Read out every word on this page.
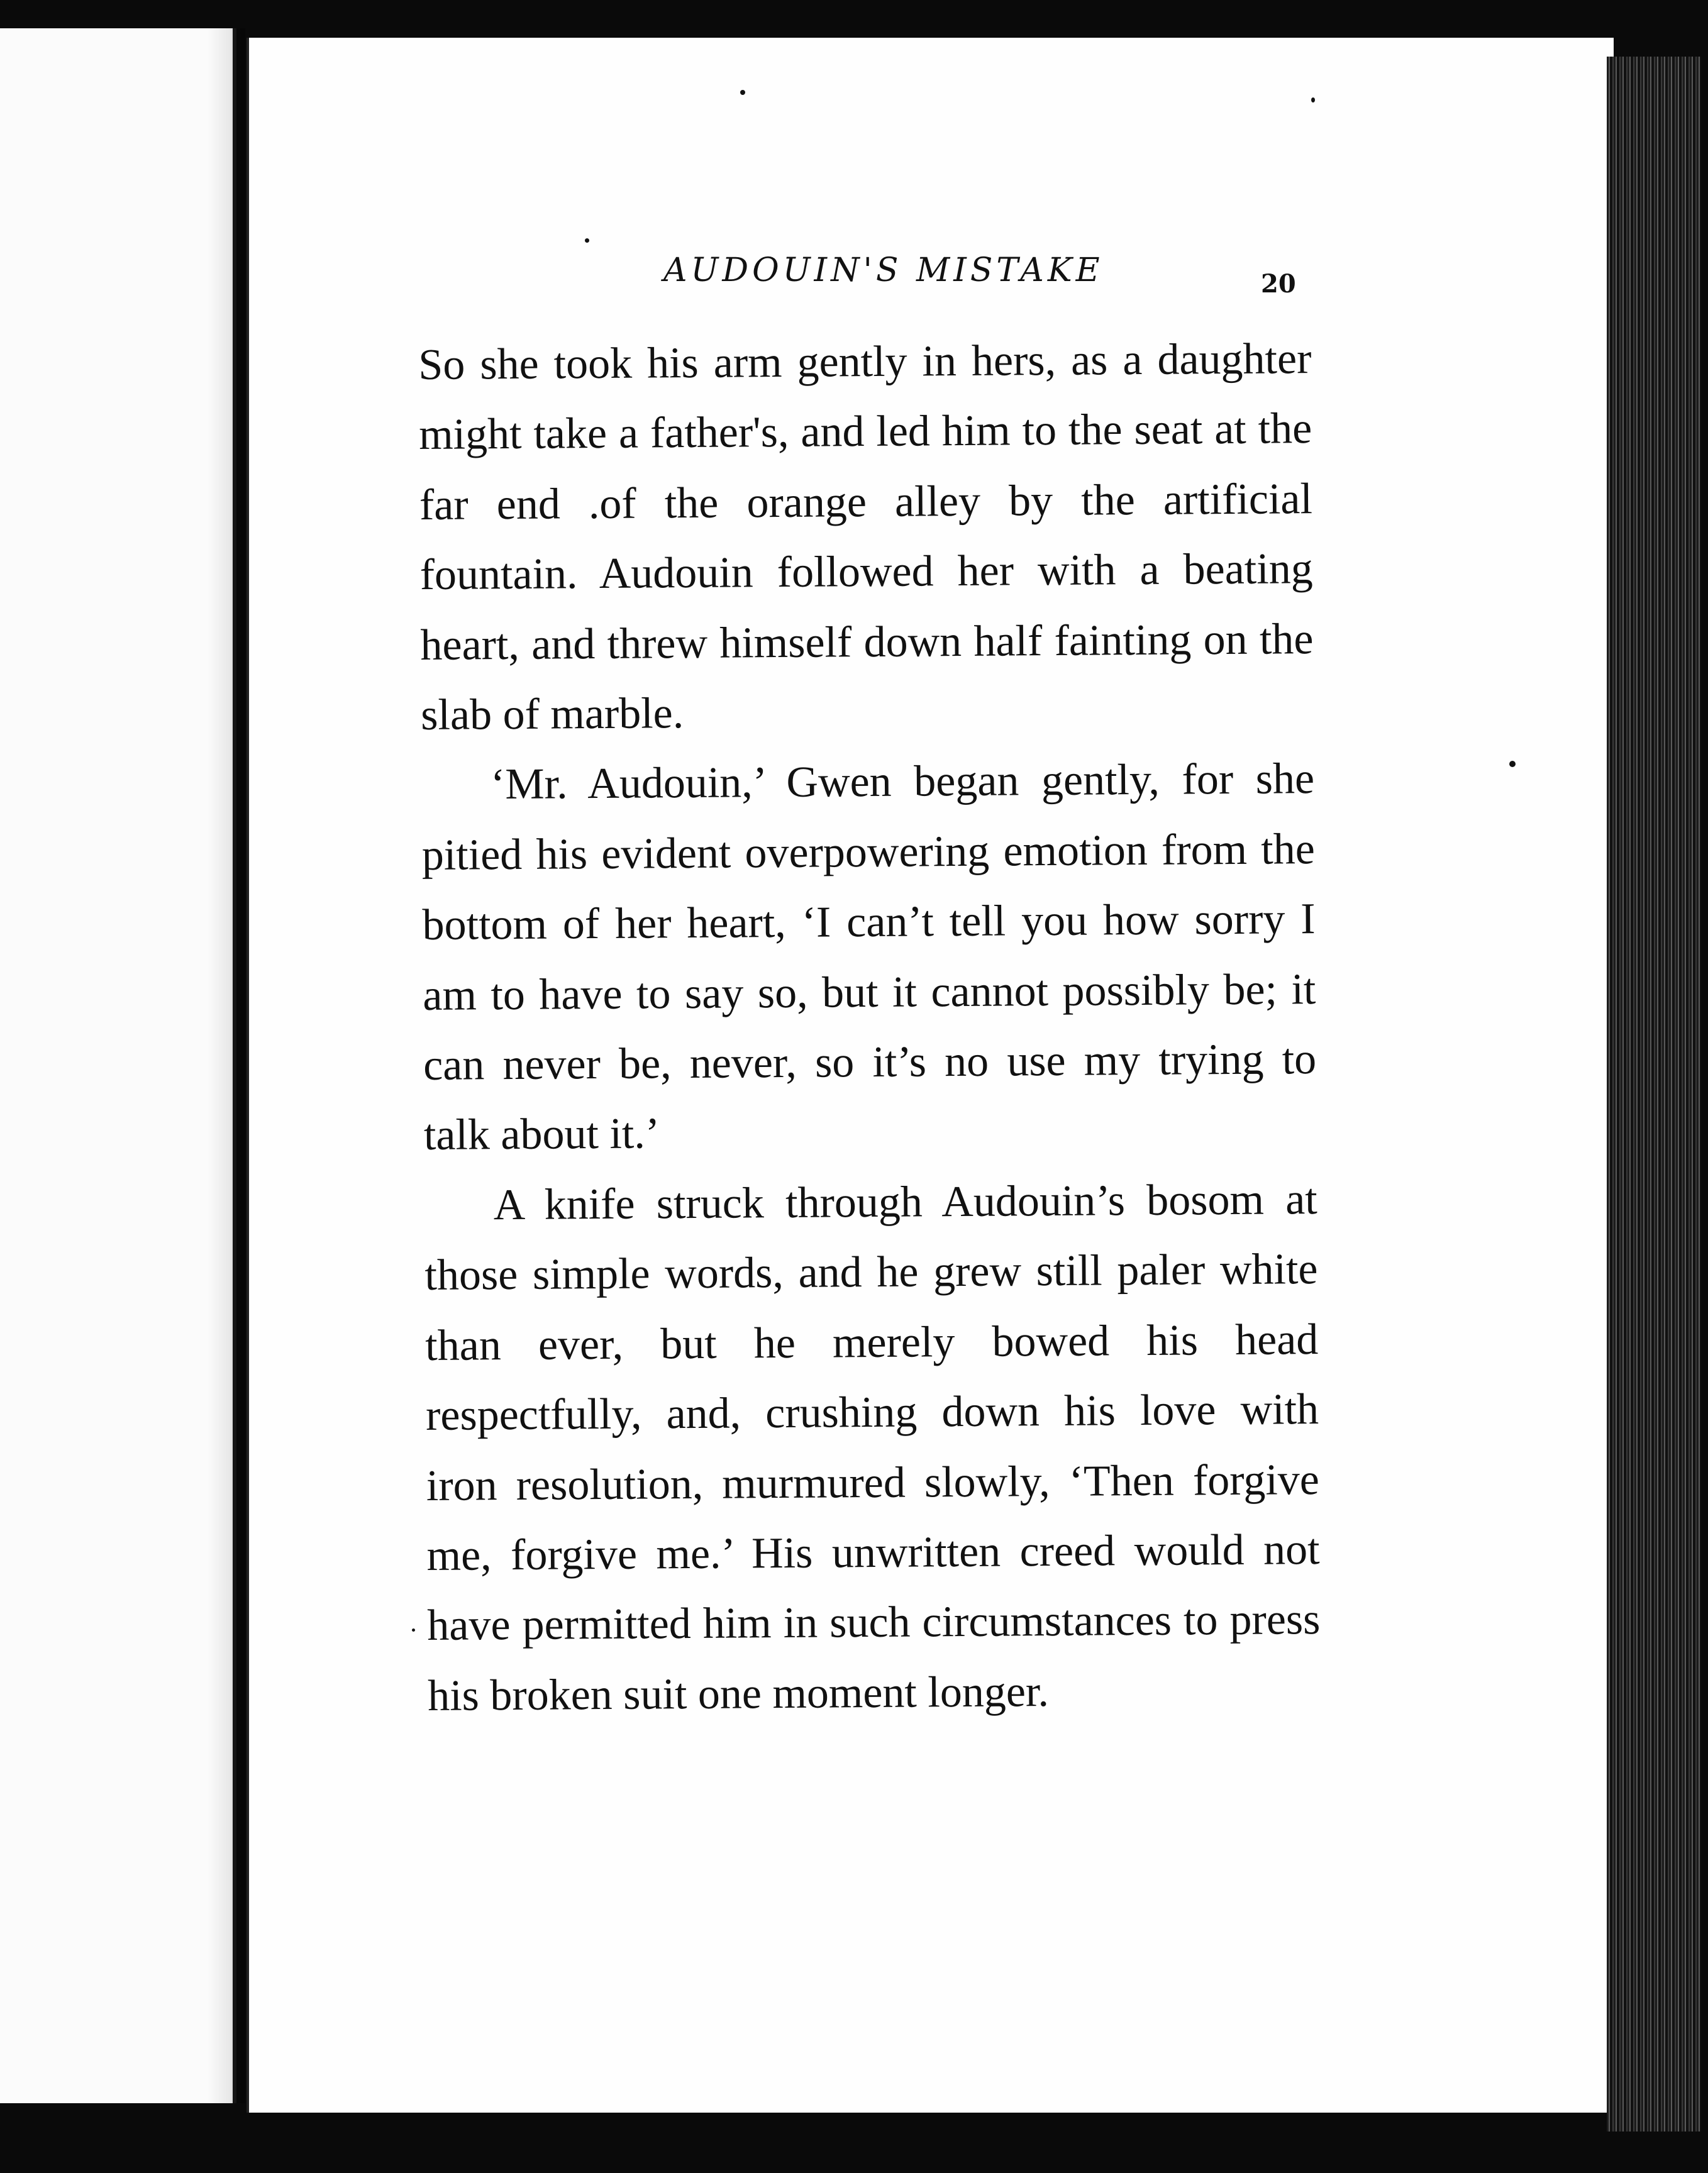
AUDOUIN'S MISTAKE	20

So she took his arm gently in hers, as a daughter might take a father's, and led him to the seat at the far end .of the orange alley by the artificial fountain. Audouin followed her with a beating heart, and threw himself down half fainting on the slab of marble.

‘Mr. Audouin,’ Gwen began gently, for she pitied his evident overpowering emotion from the bottom of her heart, ‘I can’t tell you how sorry I am to have to say so, but it cannot possibly be; it can never be, never, so it’s no use my trying to talk about it.’

A knife struck through Audouin’s bosom at those simple words, and he grew still paler white than ever, but he merely bowed his head respectfully, and, crushing down his love with iron resolution, murmured slowly, ‘Then forgive me, forgive me.’ His unwritten creed would not have permitted him in such circumstances to press his broken suit one moment longer.
